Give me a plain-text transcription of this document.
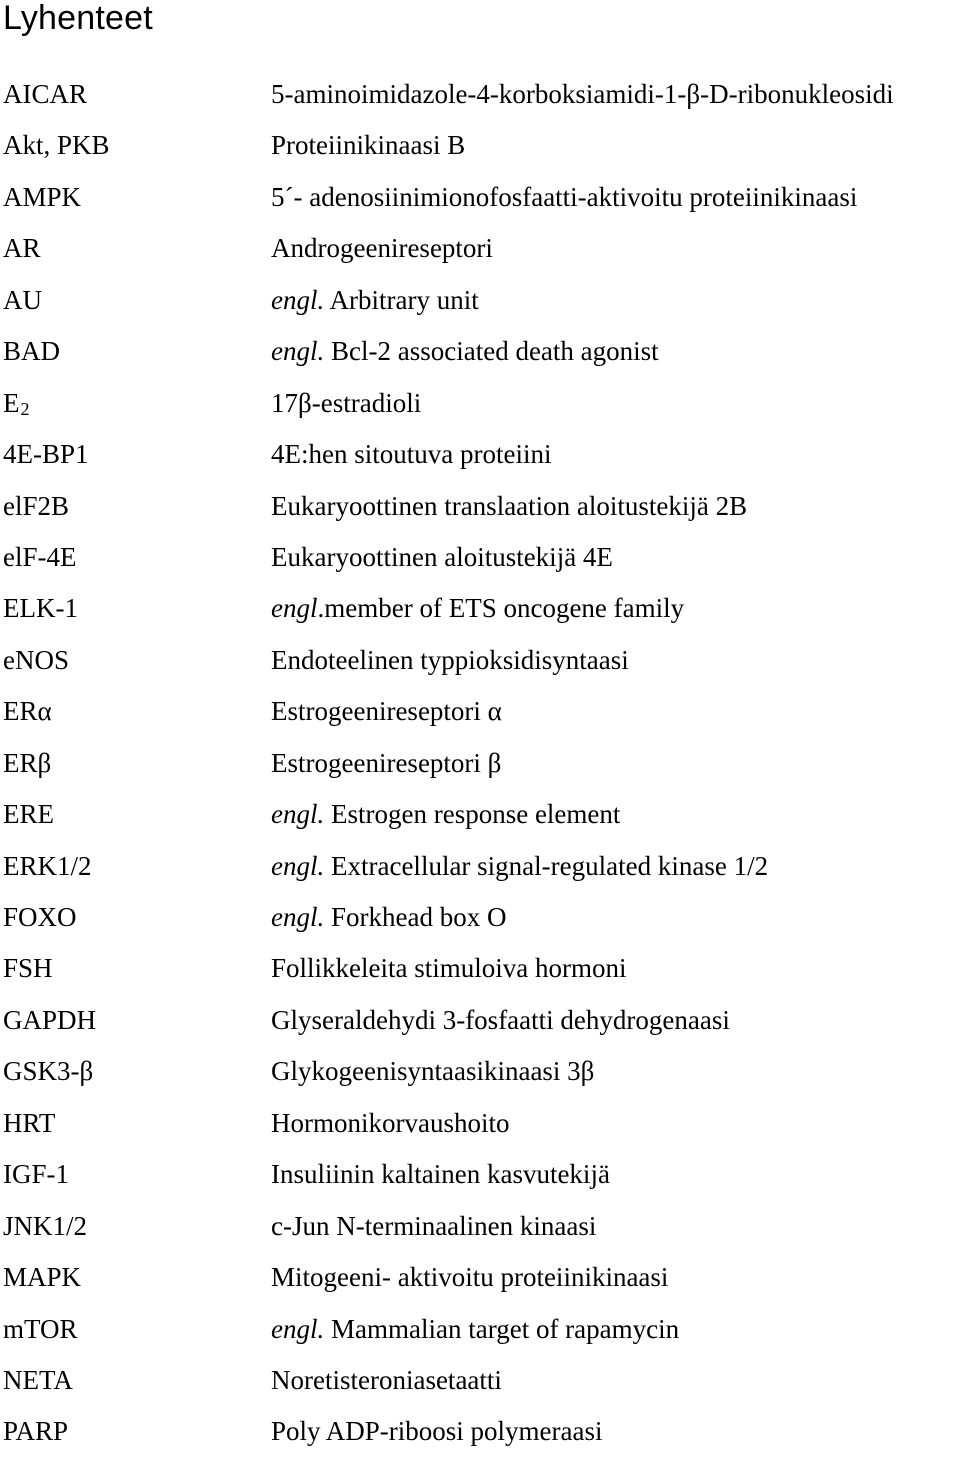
Lyhenteet
AICAR	5-aminoimidazole-4-korboksiamidi-1-β-D-ribonukleosidi
Akt, PKB	Proteiinikinaasi B
AMPK	5´- adenosiinimionofosfaatti-aktivoitu proteiinikinaasi
AR	Androgeenireseptori
AU	engl. Arbitrary unit
BAD	engl. Bcl-2 associated death agonist
E2	17β-estradioli
4E-BP1	4E:hen sitoutuva proteiini
elF2B	Eukaryoottinen translaation aloitustekijä 2B
elF-4E	Eukaryoottinen aloitustekijä 4E
ELK-1	engl.member of ETS oncogene family
eNOS	Endoteelinen typpioksidisyntaasi
ERα	Estrogeenireseptori α
ERβ	Estrogeenireseptori β
ERE	engl. Estrogen response element
ERK1/2	engl. Extracellular signal-regulated kinase 1/2
FOXO	engl. Forkhead box O
FSH	Follikkeleita stimuloiva hormoni
GAPDH	Glyseraldehydi 3-fosfaatti dehydrogenaasi
GSK3-β	Glykogeenisyntaasikinaasi 3β
HRT	Hormonikorvaushoito
IGF-1	Insuliinin kaltainen kasvutekijä
JNK1/2	c-Jun N-terminaalinen kinaasi
MAPK	Mitogeeni- aktivoitu proteiinikinaasi
mTOR	engl. Mammalian target of rapamycin
NETA	Noretisteroniasetaatti
PARP	Poly ADP-riboosi polymeraasi
